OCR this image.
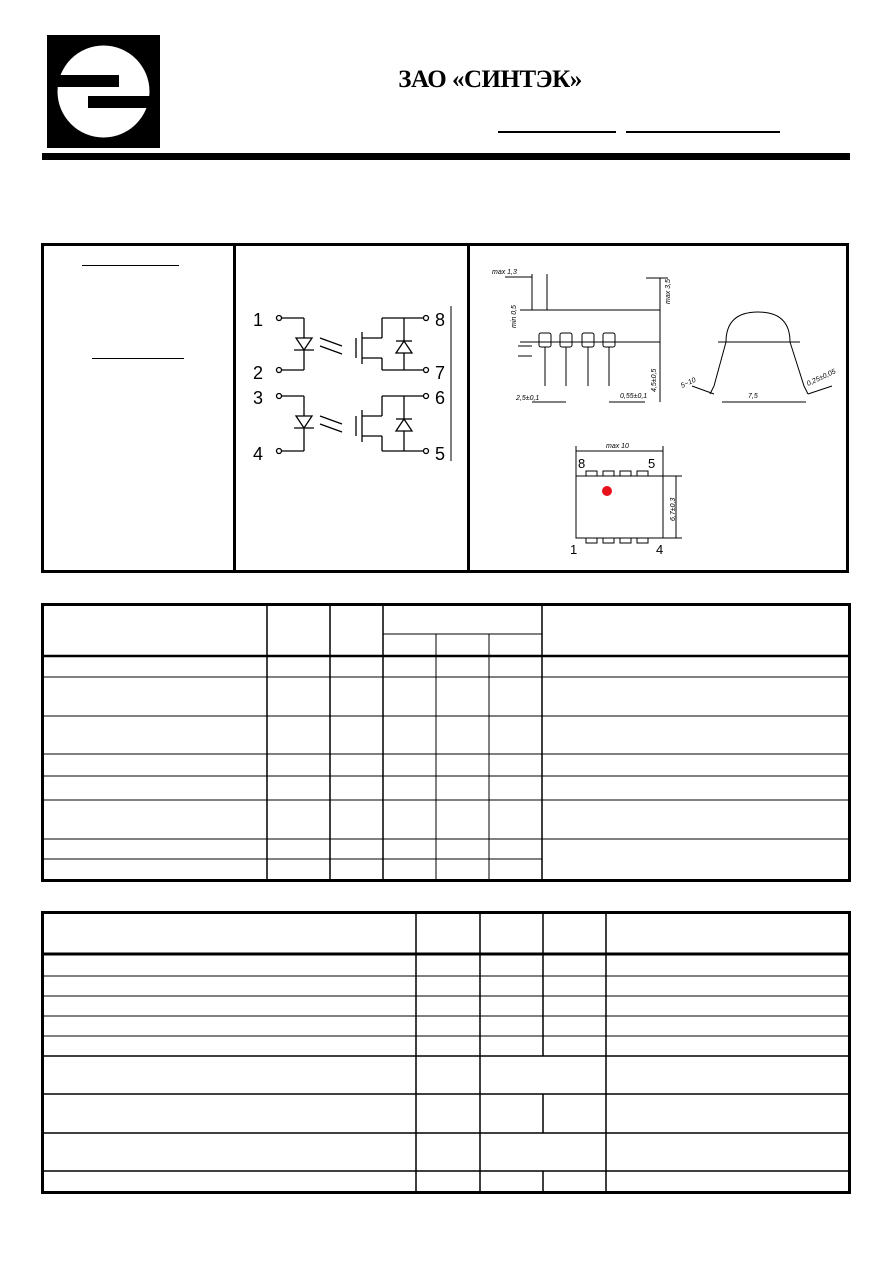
ЗАО «СИНТЭК»
1
2
3
4	5
6
7
8
max 1,3
max 3,5
min 0,5
4,5±0,5
2,5±0,1	0,55±0,1
5~10
7,5
0,25±0,05
max 10
6,7±0,3
8	5
1	4
